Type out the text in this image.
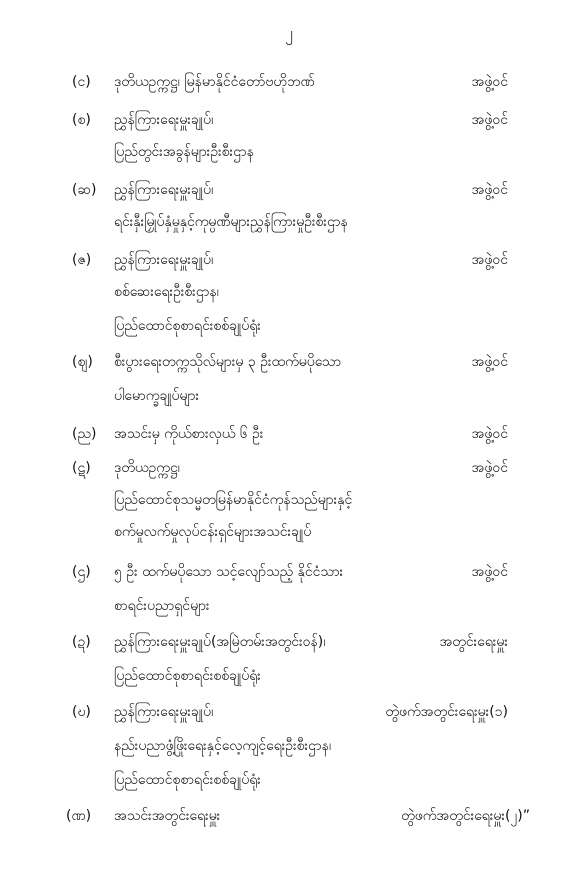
၂
(င) ဒုတိယဥက္ကဋ္ဌ၊ မြန်မာနိုင်ငံတော်ဗဟိုဘဏ်	အဖွဲ့ဝင်
(စ) ညွှန်ကြားရေးမှူးချုပ်၊
ပြည်တွင်းအခွန်များဦးစီးဌာန
အဖွဲ့ဝင်
(ဆ) ညွှန်ကြားရေးမှူးချုပ်၊
ရင်းနှီးမြှုပ်နှံမှုနှင့်ကုမ္ပဏီများညွှန်ကြားမှုဦးစီးဌာန
အဖွဲ့ဝင်
(ဇ) ညွှန်ကြားရေးမှူးချုပ်၊
စစ်ဆေးရေးဦးစီးဌာန၊
ပြည်ထောင်စုစာရင်းစစ်ချုပ်ရုံး
အဖွဲ့ဝင်
(ဈ) စီးပွားရေးတက္ကသိုလ်များမှ ၃ ဦးထက်မပိုသော
ပါမောက္ခချုပ်များ
အဖွဲ့ဝင်
(ည) အသင်းမှ ကိုယ်စားလှယ် ၆ ဦး	အဖွဲ့ဝင်
(ဋ) ဒုတိယဥက္ကဋ္ဌ၊
ပြည်ထောင်စုသမ္မတမြန်မာနိုင်ငံကုန်သည်များနှင့်
စက်မှုလက်မှုလုပ်ငန်းရှင်များအသင်းချုပ်
အဖွဲ့ဝင်
(ဌ) ၅ ဦး ထက်မပိုသော သင့်လျော်သည့် နိုင်ငံသား
စာရင်းပညာရှင်များ
အဖွဲ့ဝင်
(ဍ) ညွှန်ကြားရေးမှူးချုပ်(အမြဲတမ်းအတွင်းဝန်)၊
ပြည်ထောင်စုစာရင်းစစ်ချုပ်ရုံး
အတွင်းရေးမှူး
(ဎ) ညွှန်ကြားရေးမှူးချုပ်၊
နည်းပညာဖွံ့ဖြိုးရေးနှင့်လေ့ကျင့်ရေးဦးစီးဌာန၊
ပြည်ထောင်စုစာရင်းစစ်ချုပ်ရုံး
တွဲဖက်အတွင်းရေးမှူး(၁)
(ဏ) အသင်းအတွင်းရေးမှူး	တွဲဖက်အတွင်းရေးမှူး(၂)”
